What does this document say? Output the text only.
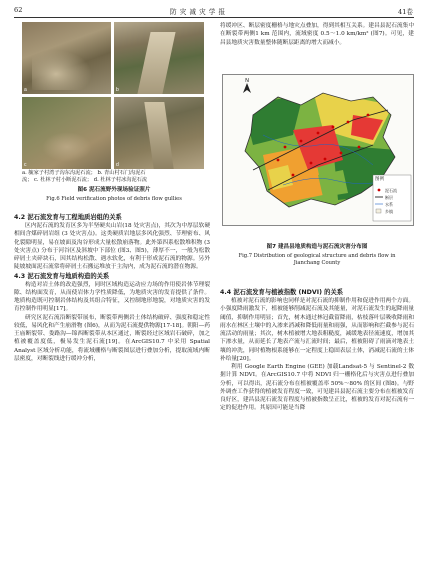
62	防 灾 减 灾 学 报	41卷
a	b
c	d
a. 毓家子村湾子沟东沟泥石流； b. 青山村石门沟泥石
流； c. 杜林子村小断泥石流； d. 杜林子村冰沟泥石流
图6 泥石流野外现场验证照片
Fig.6 Field verification photos of debris flow gullies
4.2 泥石流发育与工程地质岩组的关系

区内泥石流的发育区多为半坚硬夹山岩(18 处灾害点)，其次为中厚层软硬相间含煤碎屑岩组 (3 处灾害点)。这类硬质岩地层多风化强烈、节理密布、风化裂隙明显，易在坡面及沟谷形成大量松散崩落物。此外第四系松散堆积物 (3 处灾害点) 分布于河谷区及斜坡中下部位 (图3、图5)，薄厚不一，一般为松散碎屑土夹碎块石，因其结构松散、遇水软化，有利于形成泥石流的物源。另外陡坡坡面泥石流常将碎屑土石搬运堆放于主沟内，成为泥石流的潜在物源。

4.3 泥石流发育与地质构造的关系

构造对岩土体的改造强烈，同时区域构造运动应力场的作用使岩体节理裂隙、结构面发育，从而使岩体力学性质降低，为地质灾害的发育提供了条件。地质构造既可控制岩体结构及其组合特征，又控制地形地貌，对地质灾害的发育控制作用明显[17]。

研究区泥石流沿断裂带展布，断裂带两侧岩土体结构破碎、强度和稳定性较低，易风化和产生崩滑物 (图6)，从而为泥石流提供物源[17-18]。朝阳—药王庙断裂带、娄路沟—锦西断裂带从本区通过，断裂经过区域岩石破碎，加之植被覆盖度低，极易发生泥石流[19]。在ArcGIS10.7 中采用 Spatial Analyst 区域分析功能，将流域栅格与断裂图层进行叠加分析，提取流域内断层密度，对断裂线进行缓冲分析，

将缓冲区、断层密度栅格与地灾点叠加，得到其相互关系。建昌县泥石流集中在断裂带两侧1 km 范围内，流域密度 0.5～1.0 km/km² (图7)。可见，建昌县地质灾害数量整体随断层距离的增大而减小。

N
图例
泥石流
断层
水系
乡镇
图7 建昌县地质构造与泥石流灾害分布图
Fig.7 Distribution of geological structure and debris flow in
Jianchang County
4.4 泥石流发育与植被指数 (NDVI) 的关系

植被对泥石流的影响也同样是对泥石流的抑制作用和促进作用两个方面。小强度降雨激发下，植被能够削减泥石流及其能量，对泥石流发生的起降雨量阈值，抑制作用明显；首先，树木通过林冠截留降雨，枯枝落叶层吸收降雨和雨水在林区土壤中的入渗来消减和降低雨量和雨强，从而影响和拦截参与泥石流活动的雨量；其次，树木植被增大地表粗糙度，减缓地表径流速度，增加其下渗水量，从而延长了地表产流与汇流时间；最后，植被阻碍了雨滴对地表土壤的冲洗，同时植物根系能够在一定程度上稳固表层土体，消减泥石流的土体补给量[20]。

利用 Google Earth Engine (GEE) 加载Landsat-5 与 Sentinel-2 数据计算 NDVI。在ArcGIS10.7 中将 NDVI 归一栅格化后与灾害点进行叠加分析，可以得出，泥石流分布在植被覆盖率 50%～80% 的区间 (图8)。与野外调查工作获得的植被发育程度一致，可见建昌县泥石流主要分布在植被发育良好区，建昌县泥石流发育程度与植被指数呈正比，植被的发育对泥石流有一定的促进作用。其原因可能是当降
